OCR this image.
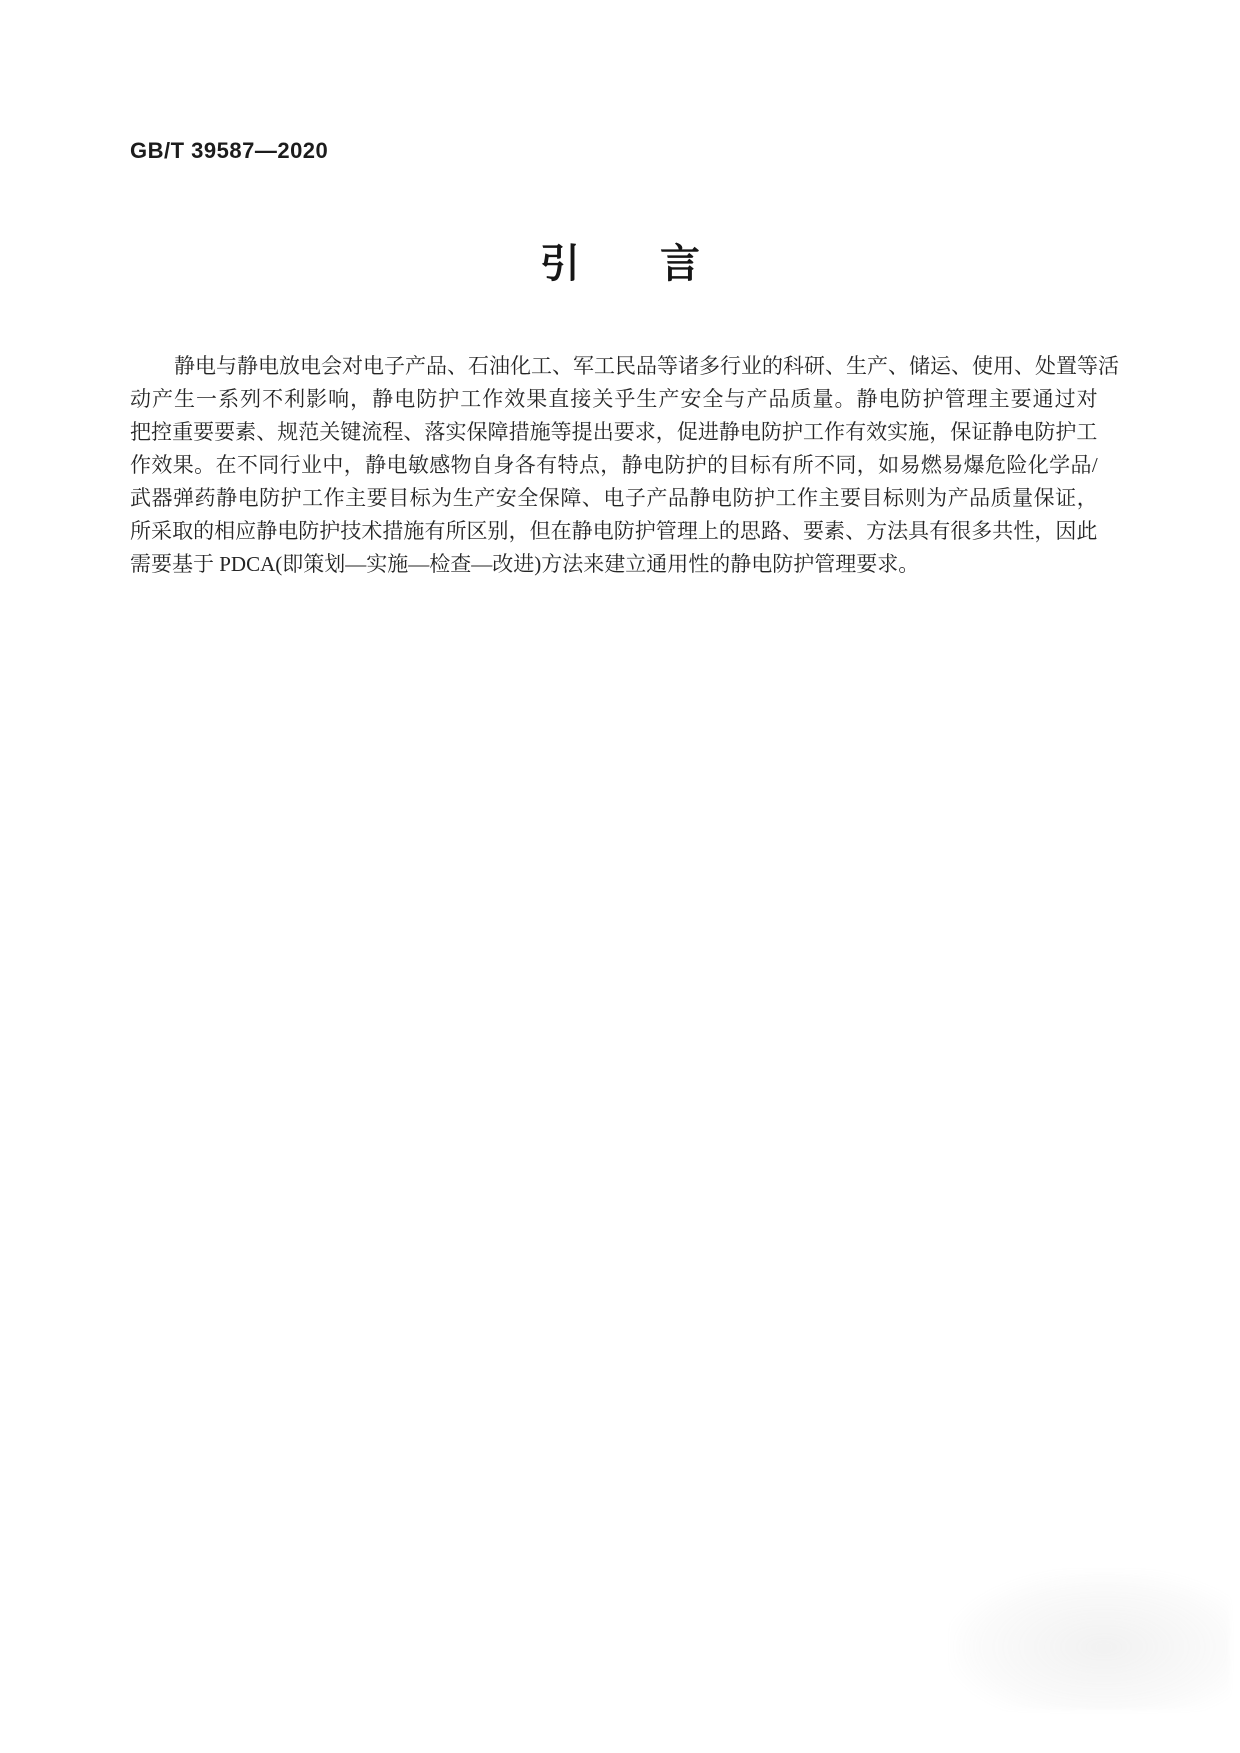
GB/T 39587—2020
引　　言
静 电 与 静 电 放 电 会 对 电 子 产 品 、 石 油 化 工 、 军 工 民 品 等 诸 多 行 业 的 科 研 、 生 产 、 储 运 、 使 用 、 处 置 等 活
动 产 生 一 系 列 不 利 影 响 ， 静 电 防 护 工 作 效 果 直 接 关 乎 生 产 安 全 与 产 品 质 量 。 静 电 防 护 管 理 主 要 通 过 对
把 控 重 要 要 素 、 规 范 关 键 流 程 、 落 实 保 障 措 施 等 提 出 要 求 ， 促 进 静 电 防 护 工 作 有 效 实 施 ， 保 证 静 电 防 护 工
作 效 果 。 在 不 同 行 业 中 ， 静 电 敏 感 物 自 身 各 有 特 点 ， 静 电 防 护 的 目 标 有 所 不 同 ， 如 易 燃 易 爆 危 险 化 学 品 /
武 器 弹 药 静 电 防 护 工 作 主 要 目 标 为 生 产 安 全 保 障 、 电 子 产 品 静 电 防 护 工 作 主 要 目 标 则 为 产 品 质 量 保 证 ，
所 采 取 的 相 应 静 电 防 护 技 术 措 施 有 所 区 别 ， 但 在 静 电 防 护 管 理 上 的 思 路 、 要 素 、 方 法 具 有 很 多 共 性 ， 因 此
需要基于 PDCA(即策划—实施—检查—改进)方法来建立通用性的静电防护管理要求。
